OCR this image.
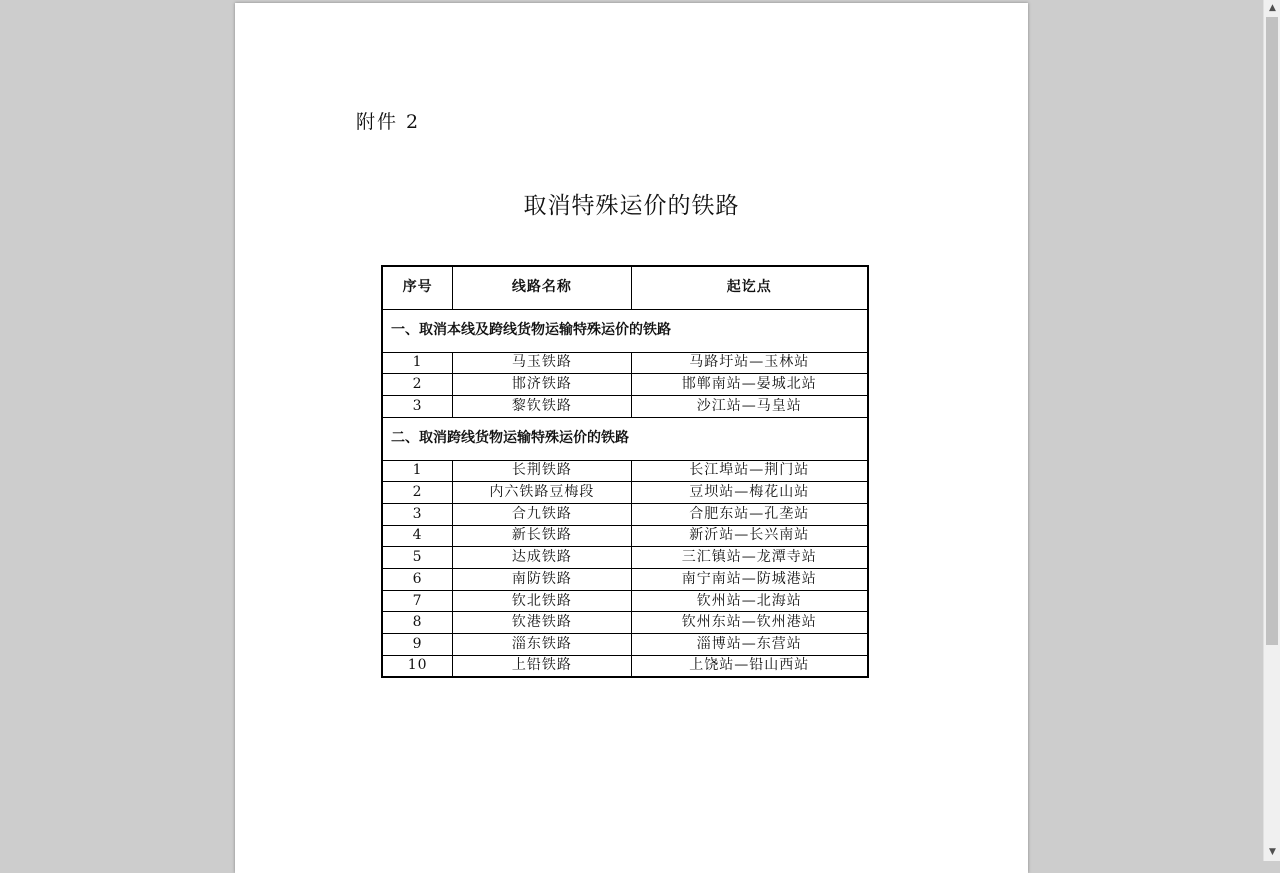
附件 2
取消特殊运价的铁路
序号	线路名称	起讫点
一、取消本线及跨线货物运输特殊运价的铁路		
1	马玉铁路	马路圩站—玉林站
2	邯济铁路	邯郸南站—晏城北站
3	黎钦铁路	沙江站—马皇站
二、取消跨线货物运输特殊运价的铁路		
1	长荆铁路	长江埠站—荆门站
2	内六铁路豆梅段	豆坝站—梅花山站
3	合九铁路	合肥东站—孔垄站
4	新长铁路	新沂站—长兴南站
5	达成铁路	三汇镇站—龙潭寺站
6	南防铁路	南宁南站—防城港站
7	钦北铁路	钦州站—北海站
8	钦港铁路	钦州东站—钦州港站
9	淄东铁路	淄博站—东营站
10	上铅铁路	上饶站—铅山西站
▲
▼
